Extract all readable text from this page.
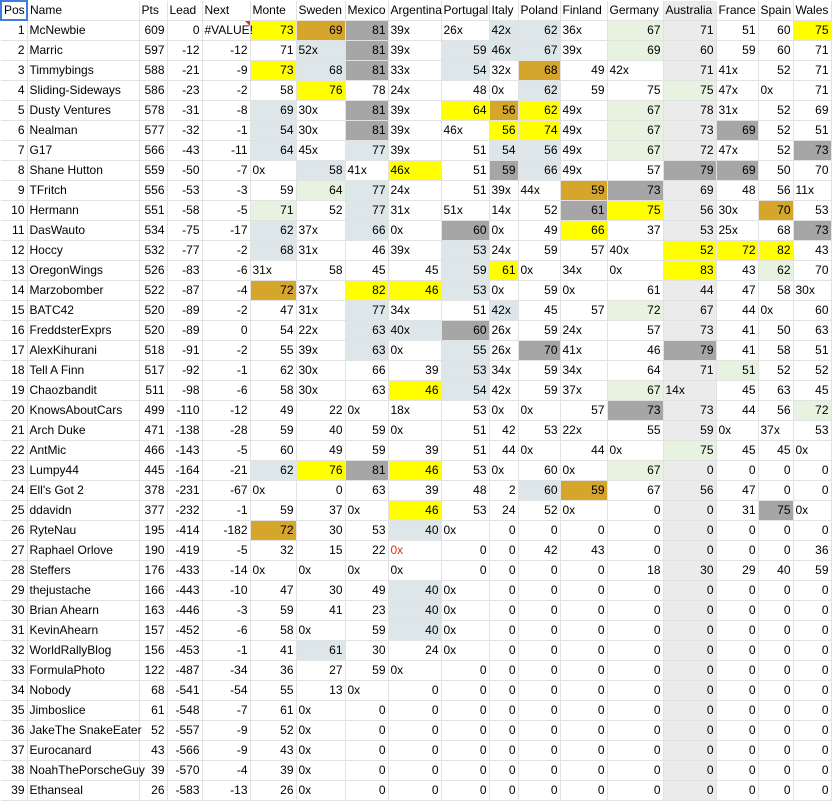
Pos	Name	Pts	Lead	Next	Monte	Sweden	Mexico	Argentina	Portugal	Italy	Poland	Finland	Germany	Australia	France	Spain	Wales
1	McNewbie	609	0	#VALUE!	73	69	81	39x	26x	42x	62	36x	67	71	51	60	75
2	Marric	597	-12	-12	71	52x	81	39x	59	46x	67	39x	69	60	59	60	71
3	Timmybings	588	-21	-9	73	68	81	33x	54	32x	68	49	42x	71	41x	52	71
4	Sliding-Sideways	586	-23	-2	58	76	78	24x	48	0x	62	59	75	75	47x	0x	71
5	Dusty Ventures	578	-31	-8	69	30x	81	39x	64	56	62	49x	67	78	31x	52	69
6	Nealman	577	-32	-1	54	30x	81	39x	46x	56	74	49x	67	73	69	52	51
7	G17	566	-43	-11	64	45x	77	39x	51	54	56	49x	67	72	47x	52	73
8	Shane Hutton	559	-50	-7	0x	58	41x	46x	51	59	66	49x	57	79	69	50	70
9	TFritch	556	-53	-3	59	64	77	24x	51	39x	44x	59	73	69	48	56	11x
10	Hermann	551	-58	-5	71	52	77	31x	51x	14x	52	61	75	56	30x	70	53
11	DasWauto	534	-75	-17	62	37x	66	0x	60	0x	49	66	37	53	25x	68	73
12	Hoccy	532	-77	-2	68	31x	46	39x	53	24x	59	57	40x	52	72	82	43
13	OregonWings	526	-83	-6	31x	58	45	45	59	61	0x	34x	0x	83	43	62	70
14	Marzobomber	522	-87	-4	72	37x	82	46	53	0x	59	0x	61	44	47	58	30x
15	BATC42	520	-89	-2	47	31x	77	34x	51	42x	45	57	72	67	44	0x	60
16	FreddsterExprs	520	-89	0	54	22x	63	40x	60	26x	59	24x	57	73	41	50	63
17	AlexKihurani	518	-91	-2	55	39x	63	0x	55	26x	70	41x	46	79	41	58	51
18	Tell A Finn	517	-92	-1	62	30x	66	39	53	34x	59	34x	64	71	51	52	52
19	Chaozbandit	511	-98	-6	58	30x	63	46	54	42x	59	37x	67	14x	45	63	45
20	KnowsAboutCars	499	-110	-12	49	22	0x	18x	53	0x	0x	57	73	73	44	56	72
21	Arch Duke	471	-138	-28	59	40	59	0x	51	42	53	22x	55	59	0x	37x	53
22	AntMic	466	-143	-5	60	49	59	39	51	44	0x	44	0x	75	45	45	0x
23	Lumpy44	445	-164	-21	62	76	81	46	53	0x	60	0x	67	0	0	0	0
24	Ell's Got 2	378	-231	-67	0x	0	63	39	48	2	60	59	67	56	47	0	0
25	ddavidn	377	-232	-1	59	37	0x	46	53	24	52	0x	0	0	31	75	0x
26	RyteNau	195	-414	-182	72	30	53	40	0x	0	0	0	0	0	0	0	0
27	Raphael Orlove	190	-419	-5	32	15	22	0x	0	0	42	43	0	0	0	0	36
28	Steffers	176	-433	-14	0x	0x	0x	0x	0	0	0	0	18	30	29	40	59
29	thejustache	166	-443	-10	47	30	49	40	0x	0	0	0	0	0	0	0	0
30	Brian Ahearn	163	-446	-3	59	41	23	40	0x	0	0	0	0	0	0	0	0
31	KevinAhearn	157	-452	-6	58	0x	59	40	0x	0	0	0	0	0	0	0	0
32	WorldRallyBlog	156	-453	-1	41	61	30	24	0x	0	0	0	0	0	0	0	0
33	FormulaPhoto	122	-487	-34	36	27	59	0x	0	0	0	0	0	0	0	0	0
34	Nobody	68	-541	-54	55	13	0x	0	0	0	0	0	0	0	0	0	0
35	Jimboslice	61	-548	-7	61	0x	0	0	0	0	0	0	0	0	0	0	0
36	JakeThe SnakeEater	52	-557	-9	52	0x	0	0	0	0	0	0	0	0	0	0	0
37	Eurocanard	43	-566	-9	43	0x	0	0	0	0	0	0	0	0	0	0	0
38	NoahThePorscheGuy	39	-570	-4	39	0x	0	0	0	0	0	0	0	0	0	0	0
39	Ethanseal	26	-583	-13	26	0x	0	0	0	0	0	0	0	0	0	0	0
